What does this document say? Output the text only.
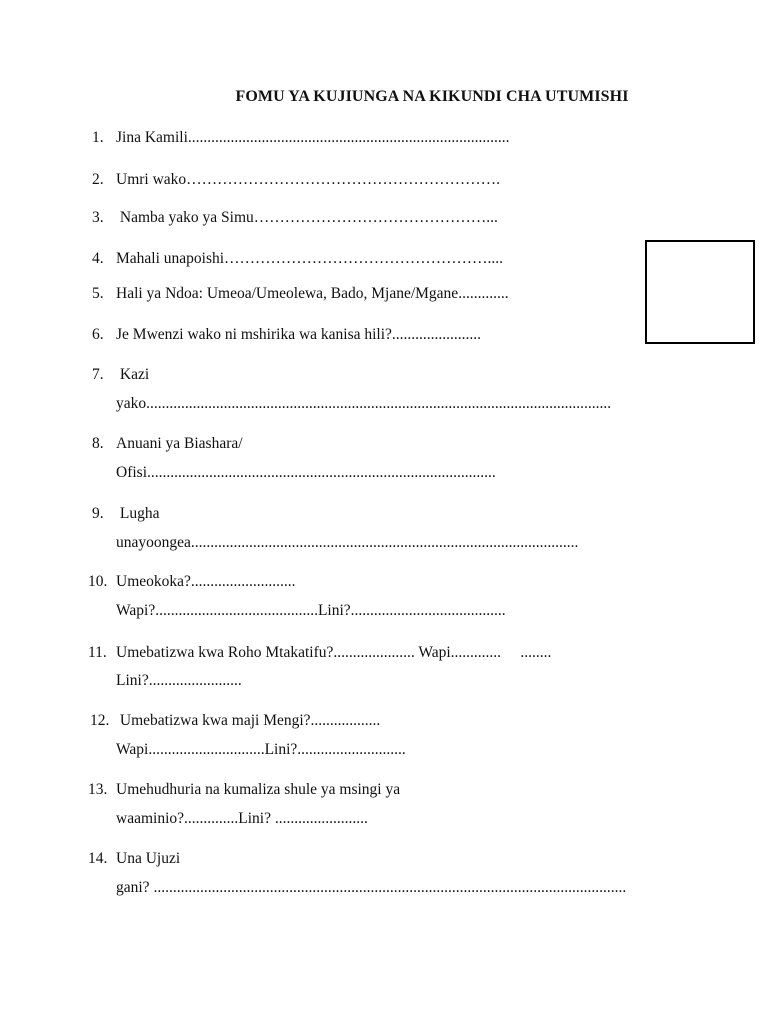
FOMU YA KUJIUNGA NA KIKUNDI CHA UTUMISHI
1. Jina Kamili...................................................................................
2. Umri wako…………………………………………………….
3. Namba yako ya Simu………………………………………...
4. Mahali unapoishi……………………………………………....
5. Hali ya Ndoa: Umeoa/Umeolewa, Bado, Mjane/Mgane.............
6. Je Mwenzi wako ni mshirika wa kanisa hili?.......................
7. Kazi
yako........................................................................................................................
8. Anuani ya Biashara/
Ofisi..........................................................................................
9. Lugha
unayoongea....................................................................................................
10. Umeokoka?...........................
Wapi?..........................................Lini?........................................
11. Umebatizwa kwa Roho Mtakatifu?..................... Wapi.............     ........
Lini?........................
12. Umebatizwa kwa maji Mengi?..................
Wapi..............................Lini?............................
13. Umehudhuria na kumaliza shule ya msingi ya
waaminio?..............Lini? ........................
14. Una Ujuzi
gani? ..........................................................................................................................
